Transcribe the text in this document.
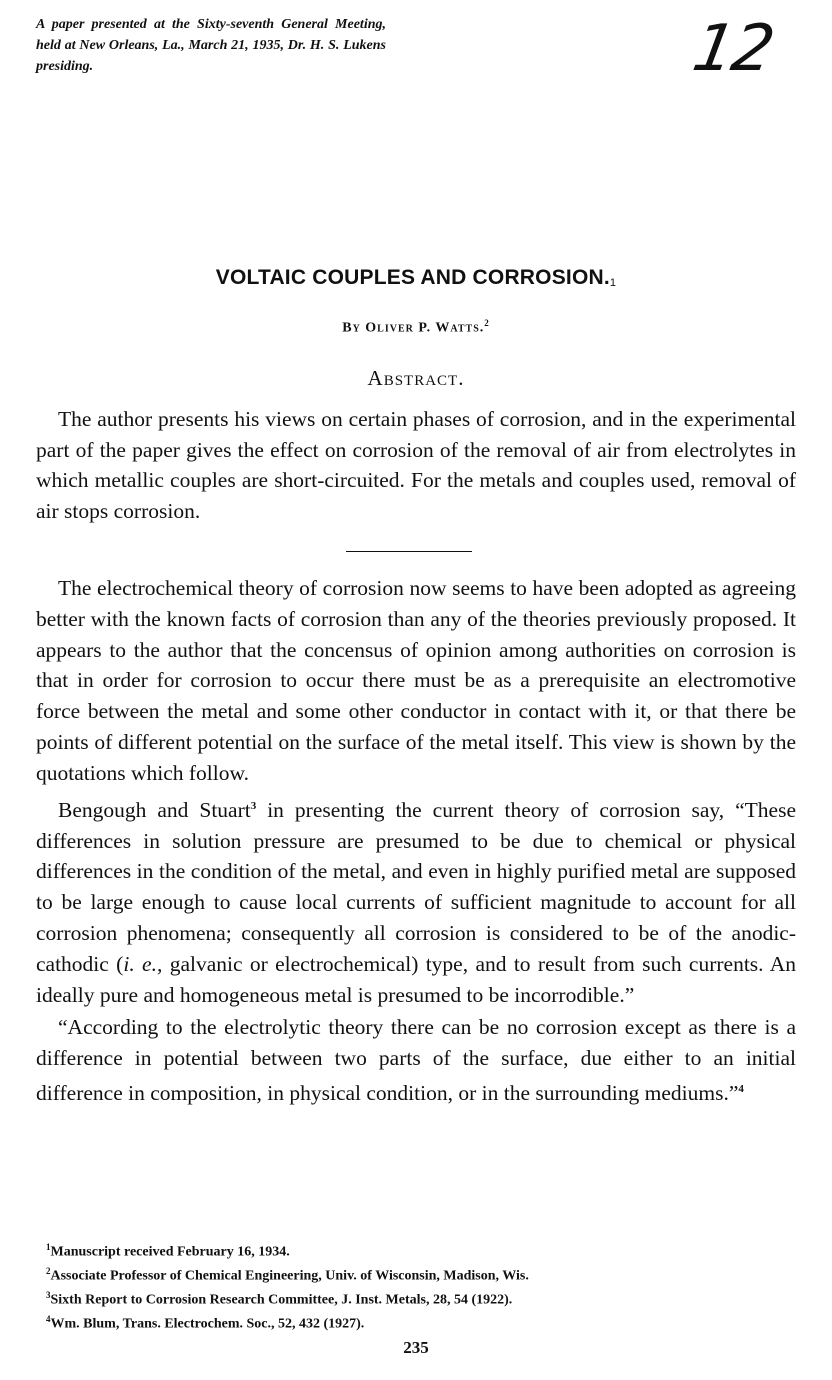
A paper presented at the Sixty-seventh General Meeting, held at New Orleans, La., March 21, 1935, Dr. H. S. Lukens presiding.	12
VOLTAIC COUPLES AND CORROSION.$^1$
By Oliver P. Watts.$^2$
Abstract.

The author presents his views on certain phases of corrosion, and in the experimental part of the paper gives the effect on corrosion of the removal of air from electrolytes in which metallic couples are short-circuited. For the metals and couples used, removal of air stops corrosion.

The electrochemical theory of corrosion now seems to have been adopted as agreeing better with the known facts of corrosion than any of the theories previously proposed. It appears to the author that the concensus of opinion among authorities on corrosion is that in order for corrosion to occur there must be as a prerequisite an electromotive force between the metal and some other conductor in contact with it, or that there be points of different potential on the surface of the metal itself. This view is shown by the quotations which follow.

Bengough and Stuart$^3$ in presenting the current theory of corrosion say, “These differences in solution pressure are presumed to be due to chemical or physical differences in the condition of the metal, and even in highly purified metal are supposed to be large enough to cause local currents of sufficient magnitude to account for all corrosion phenomena; consequently all corrosion is considered to be of the anodic-cathodic (i. e., galvanic or electrochemical) type, and to result from such currents. An ideally pure and homogeneous metal is presumed to be incorrodible.”

“According to the electrolytic theory there can be no corrosion except as there is a difference in potential between two parts of the surface, due either to an initial difference in composition, in physical condition, or in the surrounding mediums.”$^4$

$^1$Manuscript received February 16, 1934.
$^2$Associate Professor of Chemical Engineering, Univ. of Wisconsin, Madison, Wis.
$^3$Sixth Report to Corrosion Research Committee, J. Inst. Metals, 28, 54 (1922).
$^4$Wm. Blum, Trans. Electrochem. Soc., 52, 432 (1927).
235
